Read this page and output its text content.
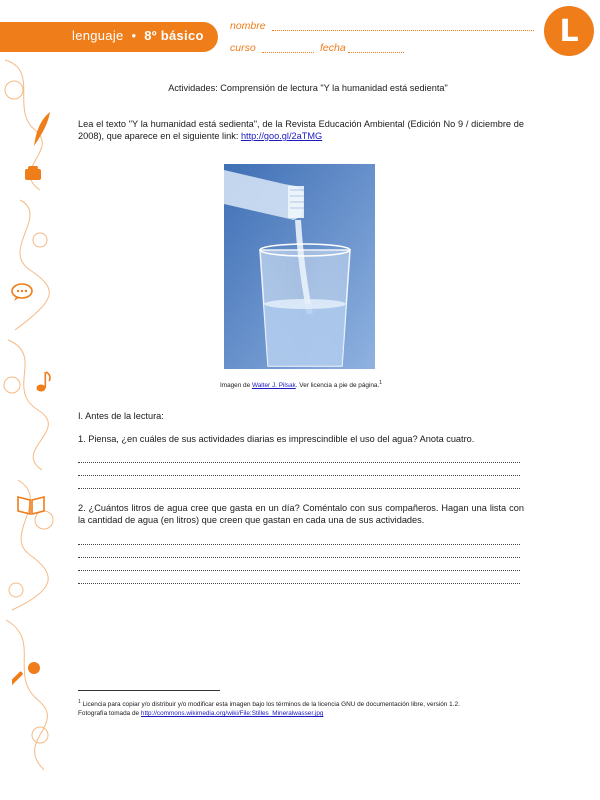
lenguaje • 8º básico
nombre
curso	fecha	L
Actividades: Comprensión de lectura "Y la humanidad está sedienta"
Lea el texto "Y la humanidad está sedienta", de la Revista Educación Ambiental (Edición No 9 / diciembre de 2008), que aparece en el siguiente link: http://goo.gl/2aTMG
Imagen de Walter J. Pilsak. Ver licencia a pie de página.$^1$
I. Antes de la lectura:
1. Piensa, ¿en cuáles de sus actividades diarias es imprescindible el uso del agua? Anota cuatro.
2. ¿Cuántos litros de agua cree que gasta en un día? Coméntalo con sus compañeros. Hagan una lista con la cantidad de agua (en litros) que creen que gastan en cada una de sus actividades.
$^1$ Licencia para copiar y/o distribuir y/o modificar esta imagen bajo los términos de la licencia GNU de documentación libre, versión 1.2.
Fotografía tomada de http://commons.wikimedia.org/wiki/File:Stilles_Mineralwasser.jpg
